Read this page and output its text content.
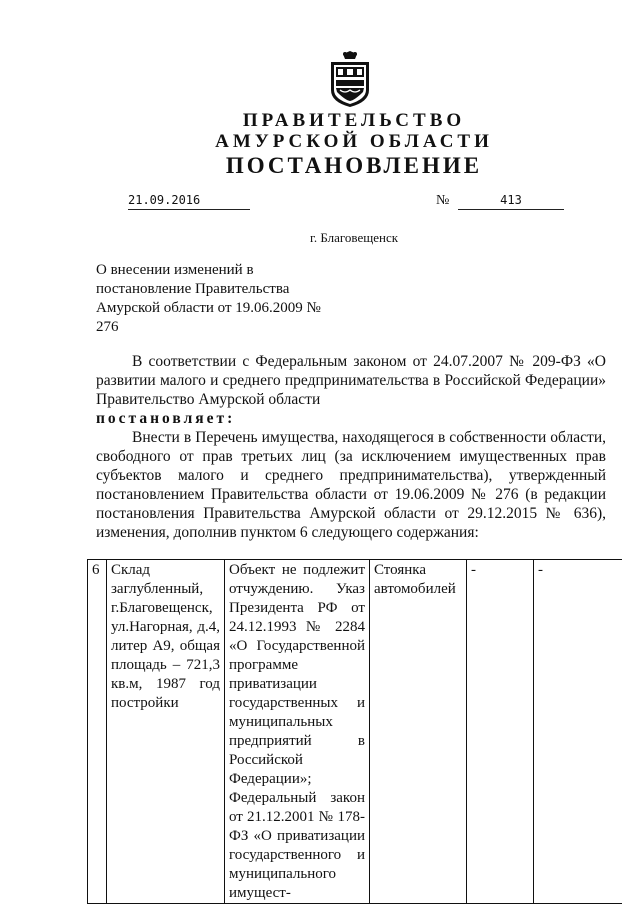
ПРАВИТЕЛЬСТВО
АМУРСКОЙ ОБЛАСТИ
ПОСТАНОВЛЕНИЕ
21.09.2016	№	413
г. Благовещенск
О внесении изменений в постановление Правительства Амурской области от 19.06.2009 № 276

В соответствии с Федеральным законом от 24.07.2007 № 209-ФЗ «О развитии малого и среднего предпринимательства в Российской Федерации» Правительство Амурской области

постановляет:

Внести в Перечень имущества, находящегося в собственности области, свободного от прав третьих лиц (за исключением имущественных прав субъектов малого и среднего предпринимательства), утвержденный постановлением Правительства области от 19.06.2009 № 276 (в редакции постановления Правительства Амурской области от 29.12.2015 № 636), изменения, дополнив пунктом 6 следующего содержания:

6	Склад заглубленный, г.Благовещенск, ул.Нагорная, д.4, литер А9, общая площадь – 721,3 кв.м, 1987 год постройки	Объект не подлежит отчуждению. Указ Президента РФ от 24.12.1993 № 2284 «О Государственной программе приватизации государственных и муниципальных предприятий в Российской Федерации»; Федеральный закон от 21.12.2001 № 178-ФЗ «О приватизации государственного и муниципального имущест-	Стоянка автомобилей	-	-
